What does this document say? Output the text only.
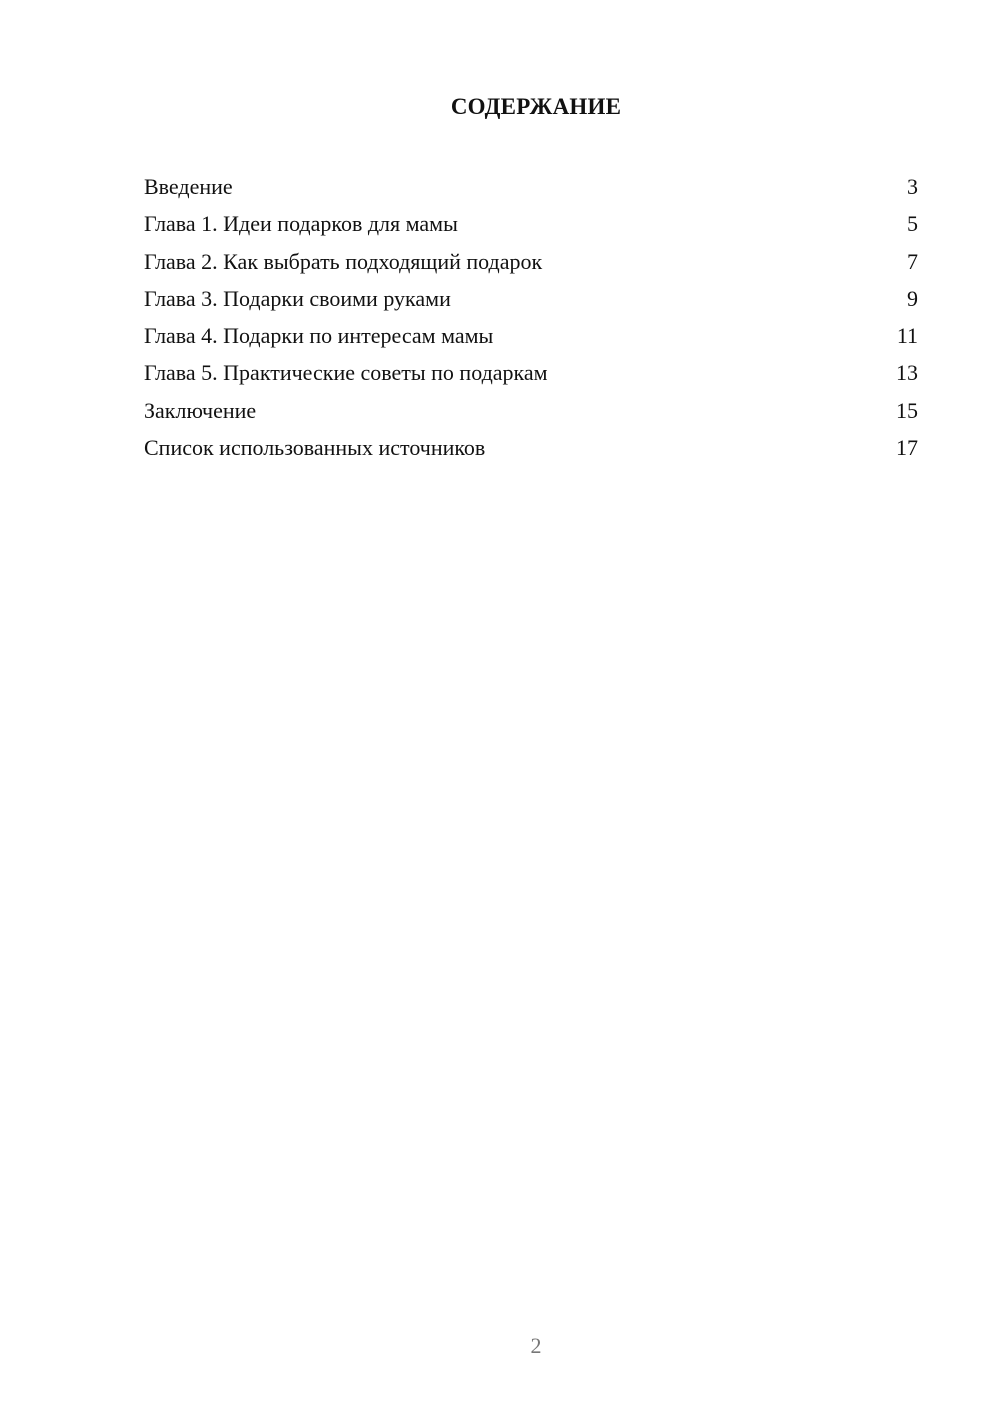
СОДЕРЖАНИЕ
Введение	3
Глава 1. Идеи подарков для мамы	5
Глава 2. Как выбрать подходящий подарок	7
Глава 3. Подарки своими руками	9
Глава 4. Подарки по интересам мамы	11
Глава 5. Практические советы по подаркам	13
Заключение	15
Список использованных источников	17
2
